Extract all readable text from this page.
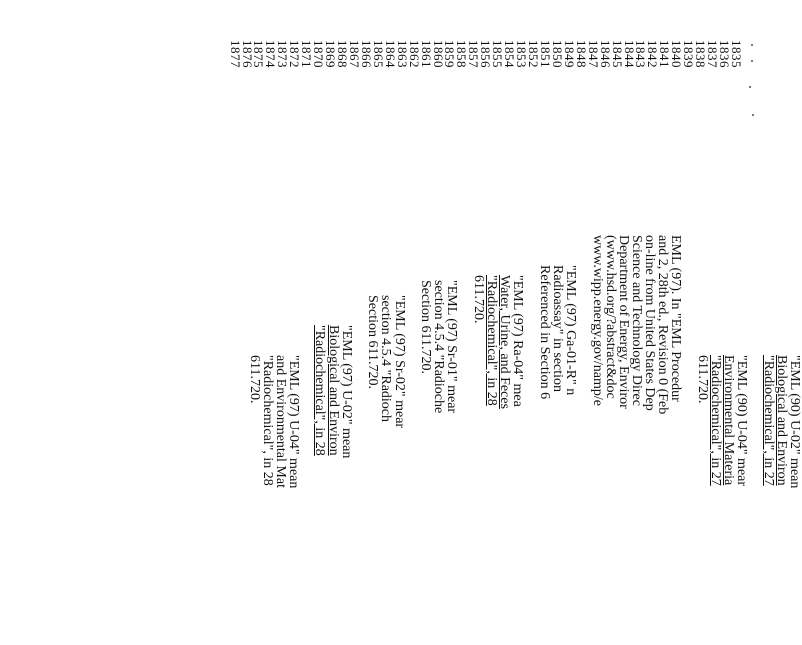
1835
1836
1837
1838
1839
1840
1841
1842
1843
1844
1845
1846
1847
1848
1849
1850
1851
1852
1853
1854
1855
1856
1857
1858
1859
1860
1861
1862
1863
1864
1865
1866
1867
1868
1869
1870
1871
1872
1873
1874
1875
1876
1877
"EML (90) U-02" mean
Biological and Environ
"Radiochemical", in 27
"EML (90) U-04" mear
Environmental Materia
"Radiochemical", in 27
611.720.
EML (97). In "EML Procedur
and 2, 28th ed., Revision 0 (Feb
on-line from United States Dep
Science and Technology Direc
Department of Energy, Enviror
(www.hsd.org/?abstract&doc
www.wipp.energy.gov/namp/e
"EML (97) Ga-01-R" n
Radioassay" in section
Referenced in Section 6
"EML (97) Ra-04" mea
Water, Urine, and Feces
"Radiochemical", in 28
611.720.
"EML (97) Sr-01" mear
section 4.5.4 "Radioche
Section 611.720.
"EML (97) Sr-02" mear
section 4.5.4 "Radioch
Section 611.720.
"EML (97) U-02" mean
Biological and Environ
"Radiochemical", in 28
"EML (97) U-04" mean
and Environmental Mat
"Radiochemical", in 28
611.720.
